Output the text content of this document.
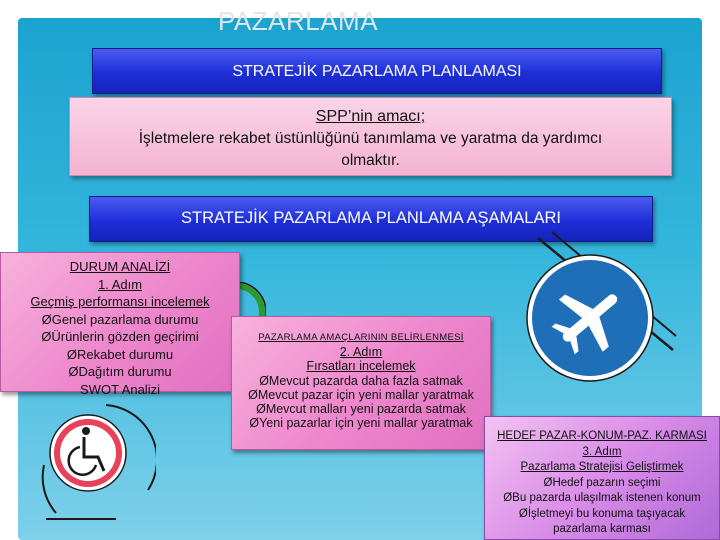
PAZARLAMA
STRATEJİK PAZARLAMA PLANLAMASI
SPP’nin amacı;
İşletmelere rekabet üstünlüğünü tanımlama ve yaratma da yardımcı
olmaktır.
STRATEJİK PAZARLAMA PLANLAMA AŞAMALARI
DURUM ANALİZİ
1. Adım
Geçmiş performansı incelemek
ØGenel pazarlama durumu
ØÜrünlerin gözden geçirimi
ØRekabet durumu
ØDağıtım durumu
SWOT Analizi
PAZARLAMA AMAÇLARININ BELİRLENMESİ
2. Adım
Fırsatları incelemek
ØMevcut pazarda daha fazla satmak
ØMevcut pazar için yeni mallar yaratmak
ØMevcut malları yeni pazarda satmak
ØYeni pazarlar için yeni mallar yaratmak
HEDEF PAZAR-KONUM-PAZ. KARMASI
3. Adım
Pazarlama Stratejisi Geliştirmek
ØHedef pazarın seçimi
ØBu pazarda ulaşılmak istenen konum
Øİşletmeyi bu konuma taşıyacak
pazarlama karması
